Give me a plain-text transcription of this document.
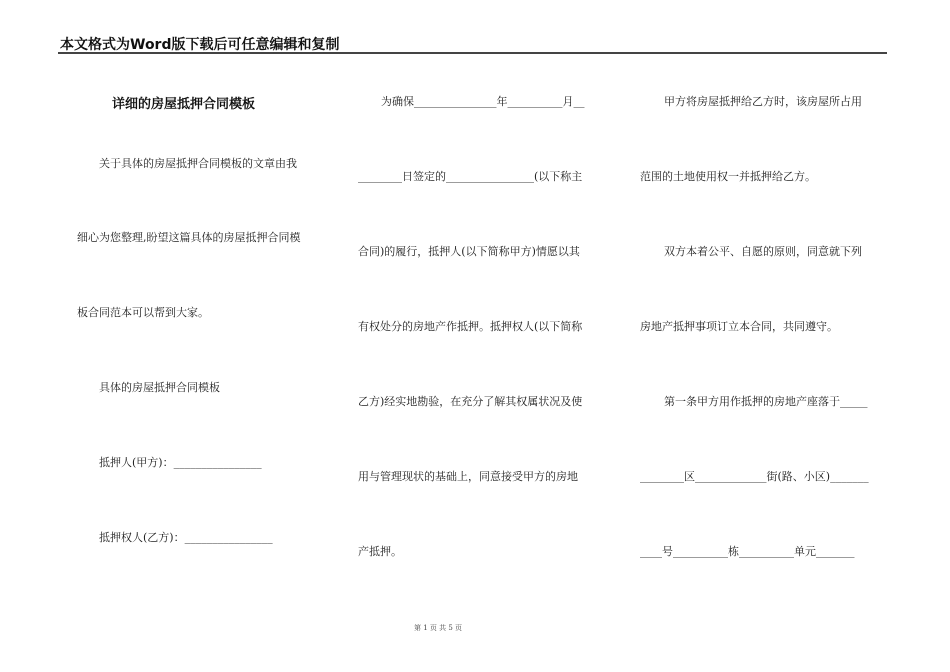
本文格式为Word版下载后可任意编辑和复制
详细的房屋抵押合同模板
关于具体的房屋抵押合同模板的文章由我
细心为您整理,盼望这篇具体的房屋抵押合同模
板合同范本可以帮到大家。
具体的房屋抵押合同模板
抵押人(甲方)：________________
抵押权人(乙方)：________________
为确保_______________年__________月__
________日签定的________________(以下称主
合同)的履行，抵押人(以下简称甲方)情愿以其
有权处分的房地产作抵押。抵押权人(以下简称
乙方)经实地勘验，在充分了解其权属状况及使
用与管理现状的基础上，同意接受甲方的房地
产抵押。
甲方将房屋抵押给乙方时，该房屋所占用
范围的土地使用权一并抵押给乙方。
双方本着公平、自愿的原则，同意就下列
房地产抵押事项订立本合同，共同遵守。
第一条甲方用作抵押的房地产座落于_____
________区_____________街(路、小区)_______
____号__________栋__________单元_______
第 1 页 共 5 页
